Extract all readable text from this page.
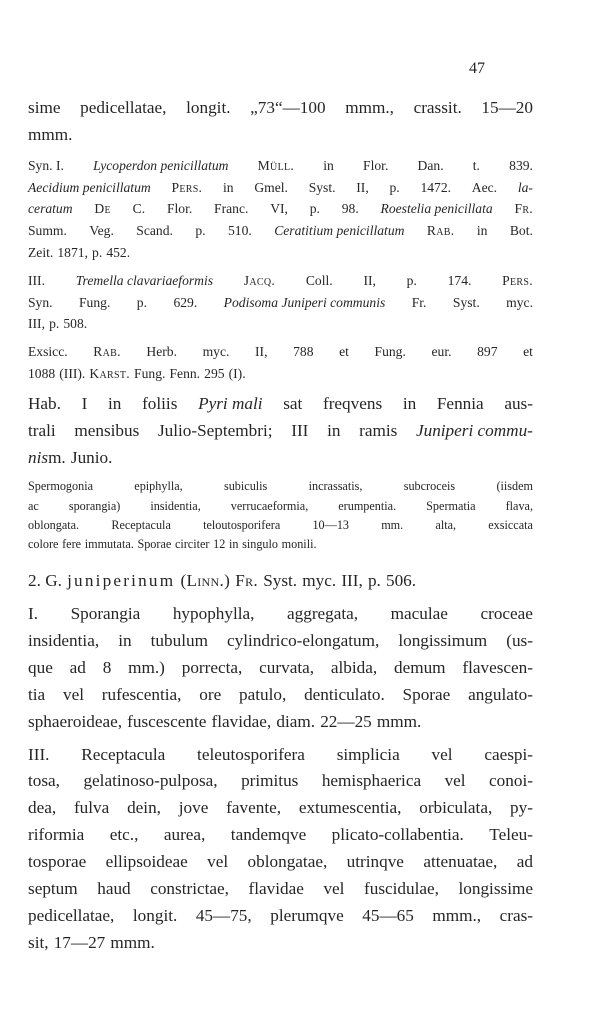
47
sime pedicellatae, longit. „73“—100 mmm., crassit. 15—20
mmm.
Syn. I. Lycoperdon penicillatum Müll. in Flor. Dan. t. 839.
Aecidium penicillatum Pers. in Gmel. Syst. II, p. 1472. Aec. la-
ceratum De C. Flor. Franc. VI, p. 98. Roestelia penicillata Fr.
Summ. Veg. Scand. p. 510. Ceratitium penicillatum Rab. in Bot.
Zeit. 1871, p. 452.
III. Tremella clavariaeformis Jacq. Coll. II, p. 174. Pers.
Syn. Fung. p. 629. Podisoma Juniperi communis Fr. Syst. myc.
III, p. 508.
Exsicc. Rab. Herb. myc. II, 788 et Fung. eur. 897 et
1088 (III). Karst. Fung. Fenn. 295 (I).
Hab. I in foliis Pyri mali sat freqvens in Fennia aus-
trali mensibus Julio-Septembri; III in ramis Juniperi commu-
nis m. Junio.
Spermogonia	epiphylla,	subiculis	incrassatis,	subcroceis	(iisdem
ac sporangia) insidentia, verrucaeformia, erumpentia. Spermatia flava,
oblongata.	Receptacula	teloutosporifera	10—13	mm.	alta,	exsiccata
colore fere immutata. Sporae circiter 12 in singulo monili.
2. G. juniperinum (Linn.) Fr. Syst. myc. III, p. 506.
I. Sporangia hypophylla, aggregata, maculae croceae
insidentia, in tubulum cylindrico-elongatum, longissimum (us-
que ad 8 mm.) porrecta, curvata, albida, demum flavescen-
tia vel rufescentia, ore patulo, denticulato. Sporae angulato-
sphaeroideae, fuscescente flavidae, diam. 22—25 mmm.
III. Receptacula teleutosporifera simplicia vel caespi-
tosa, gelatinoso-pulposa, primitus hemisphaerica vel conoi-
dea, fulva dein, jove favente, extumescentia, orbiculata, py-
riformia etc., aurea, tandemqve plicato-collabentia. Teleu-
tosporae ellipsoideae vel oblongatae, utrinqve attenuatae, ad
septum haud constrictae, flavidae vel fuscidulae, longissime
pedicellatae, longit. 45—75, plerumqve 45—65 mmm., cras-
sit, 17—27 mmm.
